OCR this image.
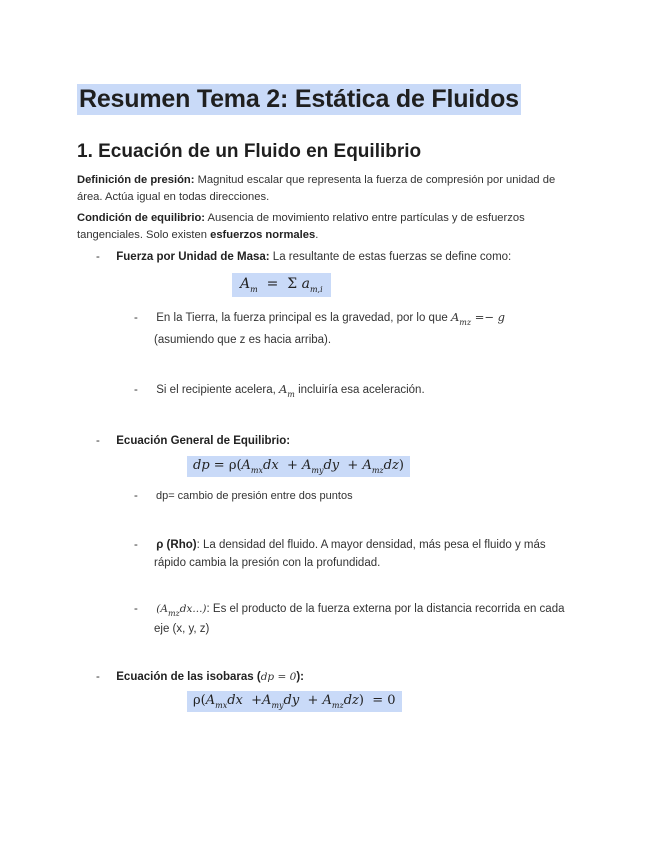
Resumen Tema 2: Estática de Fluidos
1. Ecuación de un Fluido en Equilibrio
Definición de presión: Magnitud escalar que representa la fuerza de compresión por unidad de área. Actúa igual en todas direcciones.
Condición de equilibrio: Ausencia de movimiento relativo entre partículas y de esfuerzos tangenciales. Solo existen esfuerzos normales.
- Fuerza por Unidad de Masa: La resultante de estas fuerzas se define como:
$A_m = \Sigma$ $a_{m,i}$
- En la Tierra, la fuerza principal es la gravedad, por lo que $A_{mz} =- g$
(asumiendo que z es hacia arriba).
- Si el recipiente acelera, $A_m$ incluiría esa aceleración.
- Ecuación General de Equilibrio:
dp = $\rho(A_{mx}dx + A_{my}dy + A_{mz}dz)$
- dp= cambio de presión entre dos puntos
- ρ (Rho): La densidad del fluido. A mayor densidad, más pesa el fluido y más
rápido cambia la presión con la profundidad.
- $(A_{mz}dx...)$: Es el producto de la fuerza externa por la distancia recorrida en cada
eje (x, y, z)
- Ecuación de las isobaras (dp = 0):
$\rho(A_{mx}dx +A_{my}dy + A_{mz}dz) = 0$
